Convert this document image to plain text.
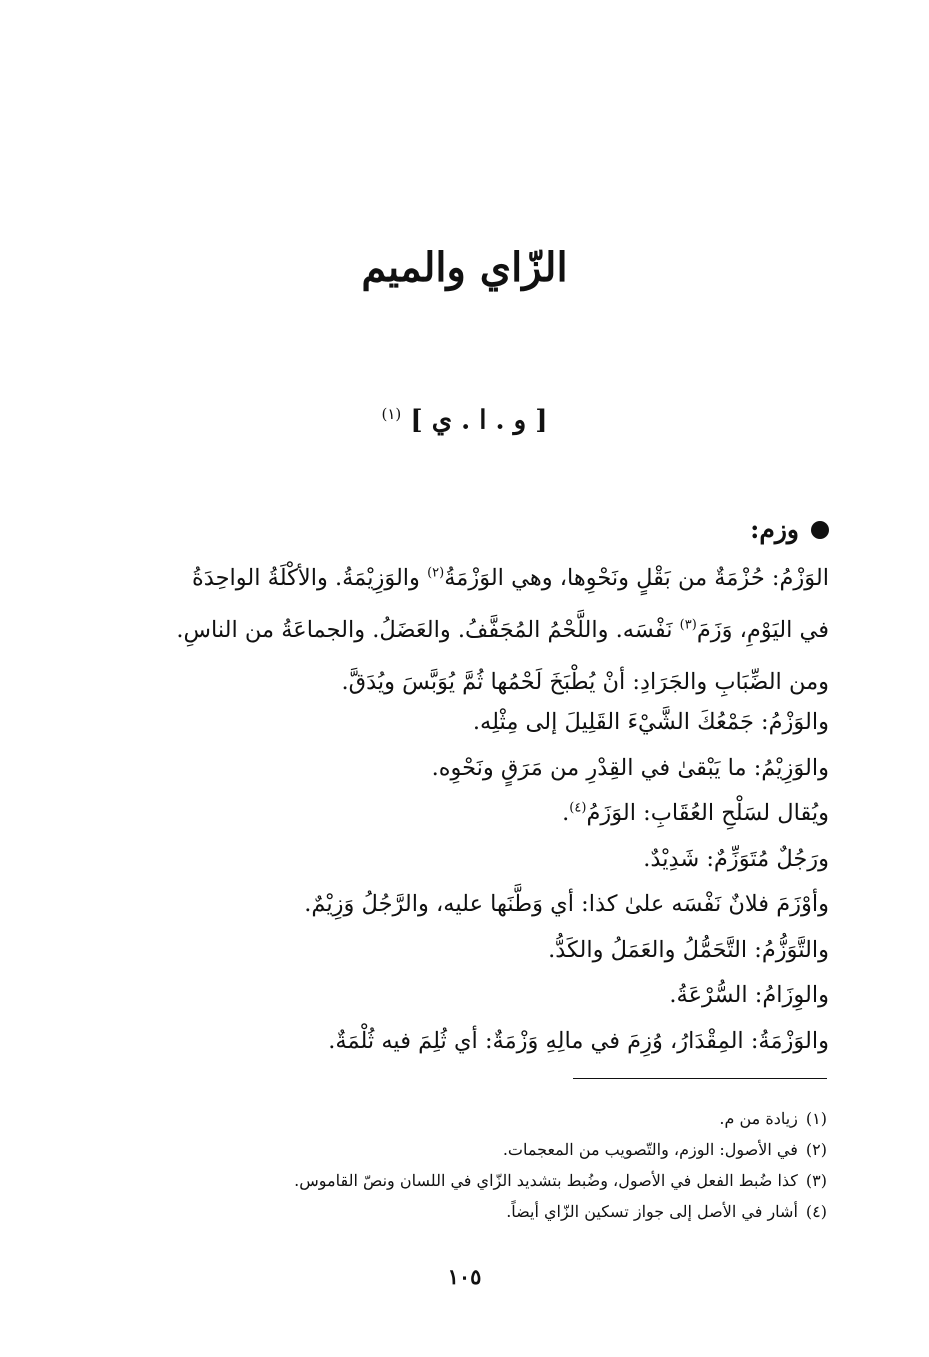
الزّاي والميم
[ و . ا . ي ] $^{(١)}$
وزم:
الوَزْمُ: حُزْمَةٌ من بَقْلٍ ونَحْوِها، وهي الوَزْمَةُ$^{(٢)}$ والوَزِيْمَةُ. والأكْلَةُ الواحِدَةُ
في اليَوْمِ، وَزَمَ$^{(٣)}$ نَفْسَه. واللَّحْمُ المُجَفَّفُ. والعَضَلُ. والجماعَةُ من الناسِ.
ومن الضِّبَابِ والجَرَادِ: أنْ يُطْبَخَ لَحْمُها ثُمَّ يُوَبَّسَ ويُدَقَّ.
والوَزْمُ: جَمْعُكَ الشَّيْءَ القَلِيلَ إلى مِثْلِه.
والوَزِيْمُ: ما يَبْقىٰ في القِدْرِ من مَرَقٍ ونَحْوِه.
ويُقال لسَلْحِ العُقَابِ: الوَزَمُ$^{(٤)}$.
ورَجُلٌ مُتَوَزِّمٌ: شَدِيْدٌ.
وأوْزَمَ فلانٌ نَفْسَه علىٰ كذا: أي وَطَّنَها عليه، والرَّجُلُ وَزِيْمٌ.
والتَّوَزُّمُ: التَّحَمُّلُ والعَمَلُ والكَدُّ.
والوِزَامُ: السُّرْعَةُ.
والوَزْمَةُ: المِقْدَارُ، وُزِمَ في مالِهِ وَزْمَةٌ: أي ثُلِمَ فيه ثُلْمَةٌ.
(١)زيادة من م.
(٢)في الأصول: الوزم، والتّصويب من المعجمات.
(٣)كذا ضُبط الفعل في الأصول، وضُبط بتشديد الزّاي في اللسان ونصّ القاموس.
(٤)أشار في الأصل إلى جواز تسكين الزّاي أيضاً.
١٠٥
